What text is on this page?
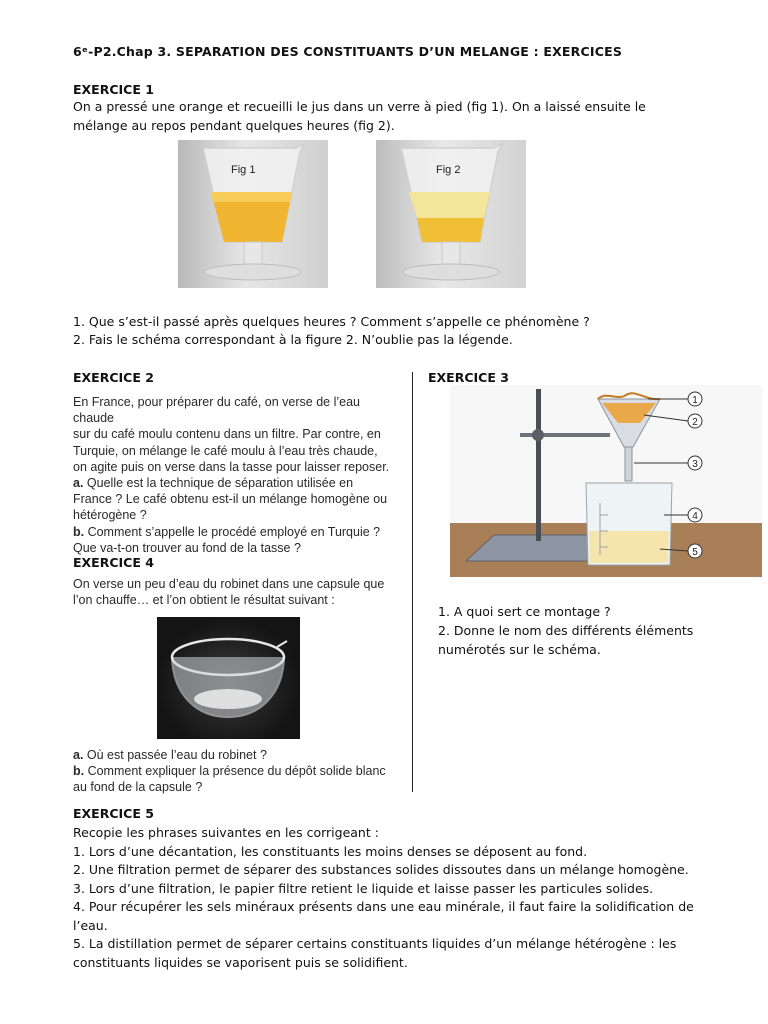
6ᵉ-P2.Chap 3. SEPARATION DES CONSTITUANTS D’UN MELANGE : EXERCICES
EXERCICE 1
On a pressé une orange et recueilli le jus dans un verre à pied (fig 1). On a laissé ensuite le mélange au repos pendant quelques heures (fig 2).
Fig 1	Fig 2
1. Que s’est-il passé après quelques heures ? Comment s’appelle ce phénomène ?
2. Fais le schéma correspondant à la figure 2. N’oublie pas la légende.
EXERCICE 2
En France, pour préparer du café, on verse de l’eau chaude
sur du café moulu contenu dans un filtre. Par contre, en
Turquie, on mélange le café moulu à l’eau très chaude,
on agite puis on verse dans la tasse pour laisser reposer.
a. Quelle est la technique de séparation utilisée en
France ? Le café obtenu est-il un mélange homogène ou
hétérogène ?
b. Comment s’appelle le procédé employé en Turquie ?
Que va-t-on trouver au fond de la tasse ?
EXERCICE 3
1
2
3
4
5
1. A quoi sert ce montage ?
2. Donne le nom des différents éléments
numérotés sur le schéma.
EXERCICE 4
On verse un peu d’eau du robinet dans une capsule que
l’on chauffe… et l’on obtient le résultat suivant :
a. Où est passée l’eau du robinet ?
b. Comment expliquer la présence du dépôt solide blanc
au fond de la capsule ?
EXERCICE 5
Recopie les phrases suivantes en les corrigeant :
1. Lors d’une décantation, les constituants les moins denses se déposent au fond.
2. Une filtration permet de séparer des substances solides dissoutes dans un mélange homogène.
3. Lors d’une filtration, le papier filtre retient le liquide et laisse passer les particules solides.
4. Pour récupérer les sels minéraux présents dans une eau minérale, il faut faire la solidification de l’eau.
5. La distillation permet de séparer certains constituants liquides d’un mélange hétérogène : les constituants liquides se vaporisent puis se solidifient.
